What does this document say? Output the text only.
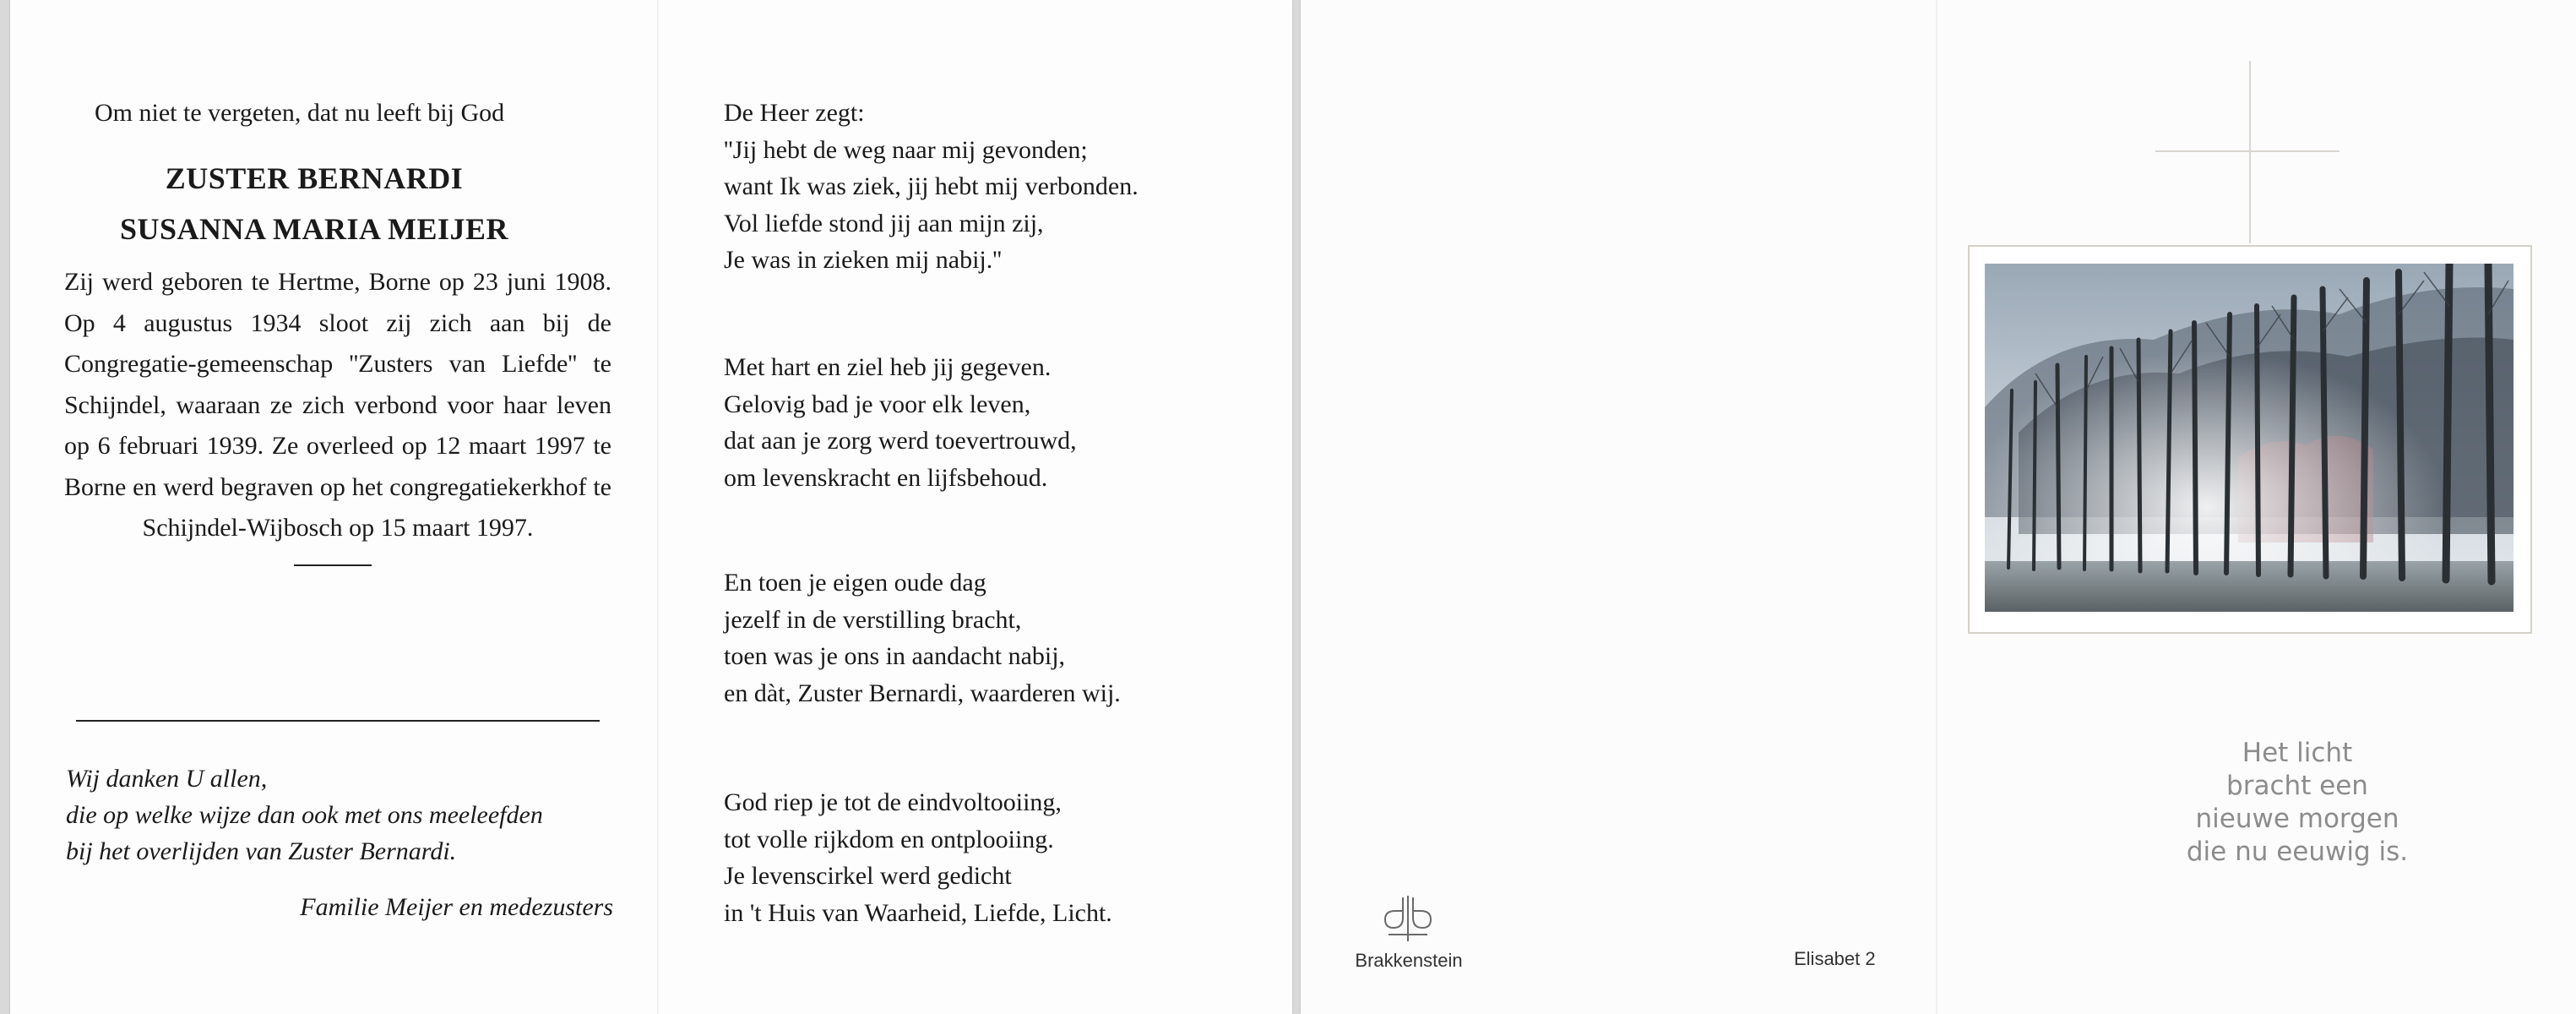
Om niet te vergeten, dat nu leeft bij God
ZUSTER BERNARDI
SUSANNA MARIA MEIJER
Zij werd geboren te Hertme, Borne op 23 juni 1908. Op 4 augustus 1934 sloot zij zich aan bij de Congregatie-gemeenschap ''Zusters van Liefde'' te Schijndel, waaraan ze zich verbond voor haar leven op 6 februari 1939. Ze overleed op 12 maart 1997 te Borne en werd begraven op het congregatiekerkhof te Schijndel-Wijbosch op 15 maart 1997.
Wij danken U allen,
die op welke wijze dan ook met ons meeleefden
bij het overlijden van Zuster Bernardi.
Familie Meijer en medezusters
De Heer zegt:
''Jij hebt de weg naar mij gevonden;
want Ik was ziek, jij hebt mij verbonden.
Vol liefde stond jij aan mijn zij,
Je was in zieken mij nabij.''
Met hart en ziel heb jij gegeven.
Gelovig bad je voor elk leven,
dat aan je zorg werd toevertrouwd,
om levenskracht en lijfsbehoud.
En toen je eigen oude dag
jezelf in de verstilling bracht,
toen was je ons in aandacht nabij,
en dàt, Zuster Bernardi, waarderen wij.
God riep je tot de eindvoltooiing,
tot volle rijkdom en ontplooiing.
Je levenscirkel werd gedicht
in 't Huis van Waarheid, Liefde, Licht.
Brakkenstein	Elisabet 2
Het licht
bracht een
nieuwe morgen
die nu eeuwig is.
